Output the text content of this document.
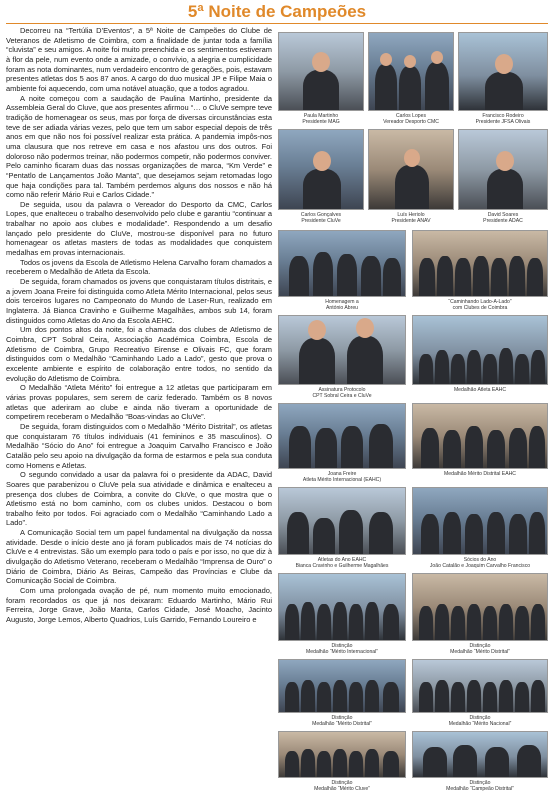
5ª Noite de Campeões

Decorreu na “Tertúlia D’Eventos”, a 5ª Noite de Campeões do Clube de Veteranos de Atletismo de Coimbra, com a finalidade de juntar toda a família “cluvista” e seu amigos. A noite foi muito preenchida e os sentimentos estiveram à flor da pele, num evento onde a amizade, o convívio, a alegria e cumplicidade foram as nota dominantes, num verdadeiro encontro de gerações, pois, estavam presentes atletas dos 5 aos 87 anos. A cargo do duo musical JP e Filipe Maia o ambiente foi aquecendo, com uma notável atuação, que a todos agradou.

A noite começou com a saudação de Paulina Martinho, presidente da Assembleia Geral do Cluve, que aos presentes afirmou “… o CluVe sempre teve tradição de homenagear os seus, mas por força de diversas circunstâncias esta teve de ser adiada várias vezes, pelo que tem um sabor especial depois de três anos em que não nos foi possível realizar esta prática. A pandemia impôs-nos uma clausura que nos retreve em casa e nos afastou uns dos outros. Foi doloroso não podermos treinar, não podermos competir, não podermos conviver. Pelo caminho ficaram duas das nossas organizações de marca, “Km Verde” e “Pentatlo de Lançamentos João Manta”, que desejamos sejam retomadas logo que haja condições para tal. Também perdemos alguns dos nossos e não há como não referir Mário Rui e Carlos Cidade.”

De seguida, usou da palavra o Vereador do Desporto da CMC, Carlos Lopes, que enalteceu o trabalho desenvolvido pelo clube e garantiu “continuar a trabalhar no apoio aos clubes e modalidade”. Respondendo a um desafio lançado pelo presidente do CluVe, mostrou-se disponível para no futuro homenagear os atletas masters de todas as modalidades que conquistem medalhas em provas internacionais.

Todos os jovens da Escola de Atletismo Helena Carvalho foram chamados a receberem o Medalhão de Atleta da Escola.

De seguida, foram chamados os jovens que conquistaram títulos distritais, e a jovem Joana Freire foi distinguida como Atleta Mérito Internacional, pelos seus dois terceiros lugares no Campeonato do Mundo de Laser-Run, realizado em Inglaterra. Já Bianca Cravinho e Guilherme Magalhães, ambos sub 14, foram distinguidos como Atletas do Ano da Escola AEHC.

Um dos pontos altos da noite, foi a chamada dos clubes de Atletismo de Coimbra, CPT Sobral Ceira, Associação Académica Coimbra, Escola de Atletismo de Coimbra, Grupo Recreativo Eirense e Olivais FC, que foram distinguidos com o Medalhão “Caminhando Lado a Lado”, gesto que prova o excelente ambiente e espírito de colaboração entre todos, no sentido da evolução do Atletismo de Coimbra.

O Medalhão “Atleta Mérito” foi entregue a 12 atletas que participaram em várias provas populares, sem serem de cariz federado. Também os 8 novos atletas que aderiram ao clube e ainda não tiveram a oportunidade de competirem receberam o Medalhão “Boas-vindas ao CluVe”.

De seguida, foram distinguidos com o Medalhão “Mérito Distrital”, os atletas que conquistaram 76 títulos individuais (41 femininos e 35 masculinos). O Medalhão “Sócio do Ano” foi entregue a Joaquim Carvalho Francisco e João Catalão pelo seu apoio na divulgação da forma de estarmos e pela sua conduta como Homens e Atletas.

O segundo convidado a usar da palavra foi o presidente da ADAC, David Soares que parabenizou o CluVe pela sua atividade e dinâmica e enalteceu a presença dos clubes de Coimbra, a convite do CluVe, o que mostra que o Atletismo está no bom caminho, com os clubes unidos. Destacou o bom trabalho feito por todos. Foi agraciado com o Medalhão “Caminhando Lado a Lado”.

A Comunicação Social tem um papel fundamental na divulgação da nossa atividade. Desde o início deste ano já foram publicados mais de 74 notícias do CluVe e 4 entrevistas. São um exemplo para todo o país e por isso, no que diz à divulgação do Atletismo Veterano, receberam o Medalhão “Imprensa de Ouro” o Diário de Coimbra, Diário As Beiras, Campeão das Províncias e Clube da Comunicação Social de Coimbra.

Com uma prolongada ovação de pé, num momento muito emocionado, foram recordados os que já nos deixaram: Eduardo Martinho, Mário Rui Ferreira, Jorge Grave, João Manta, Carlos Cidade, José Moacho, Jacinto Augusto, Jorge Lemos, Alberto Quadrios, Luís Garrido, Fernando Loureiro e

Paula Martinho
Presidente MAG
Carlos Lopes
Vereador Desporto CMC
Francisco Rodeiro
Presidente JFSA Olivais
Carlos Gonçalves
Presidente CluVe
Luís Heriolo
Presidente ANAV
David Soares
Presidente ADAC
Homenagem a
António Abreu
“Caminhando Lado-A-Lado”
com Clubes de Coimbra
Assinatura Protocolo
CPT Sobral Ceira e CluVe
Medalhão Atleta EAHC
Joana Freire
Atleta Mérito Internacional (EAHC)
Medalhão Mérito Distrital EAHC
Atletas do Ano EAHC
Bianca Cravinho e Guilherme Magalhães
Sócios do Ano
João Catalão e Joaquim Carvalho Francisco
Distinção
Medalhão “Mérito Internacional”
Distinção
Medalhão “Mérito Distrital”
Distinção
Medalhão “Mérito Distrital”
Distinção
Medalhão “Mérito Nacional”
Distinção
Medalhão “Mérito Cluve”
Distinção
Medalhão “Campeão Distrital”
